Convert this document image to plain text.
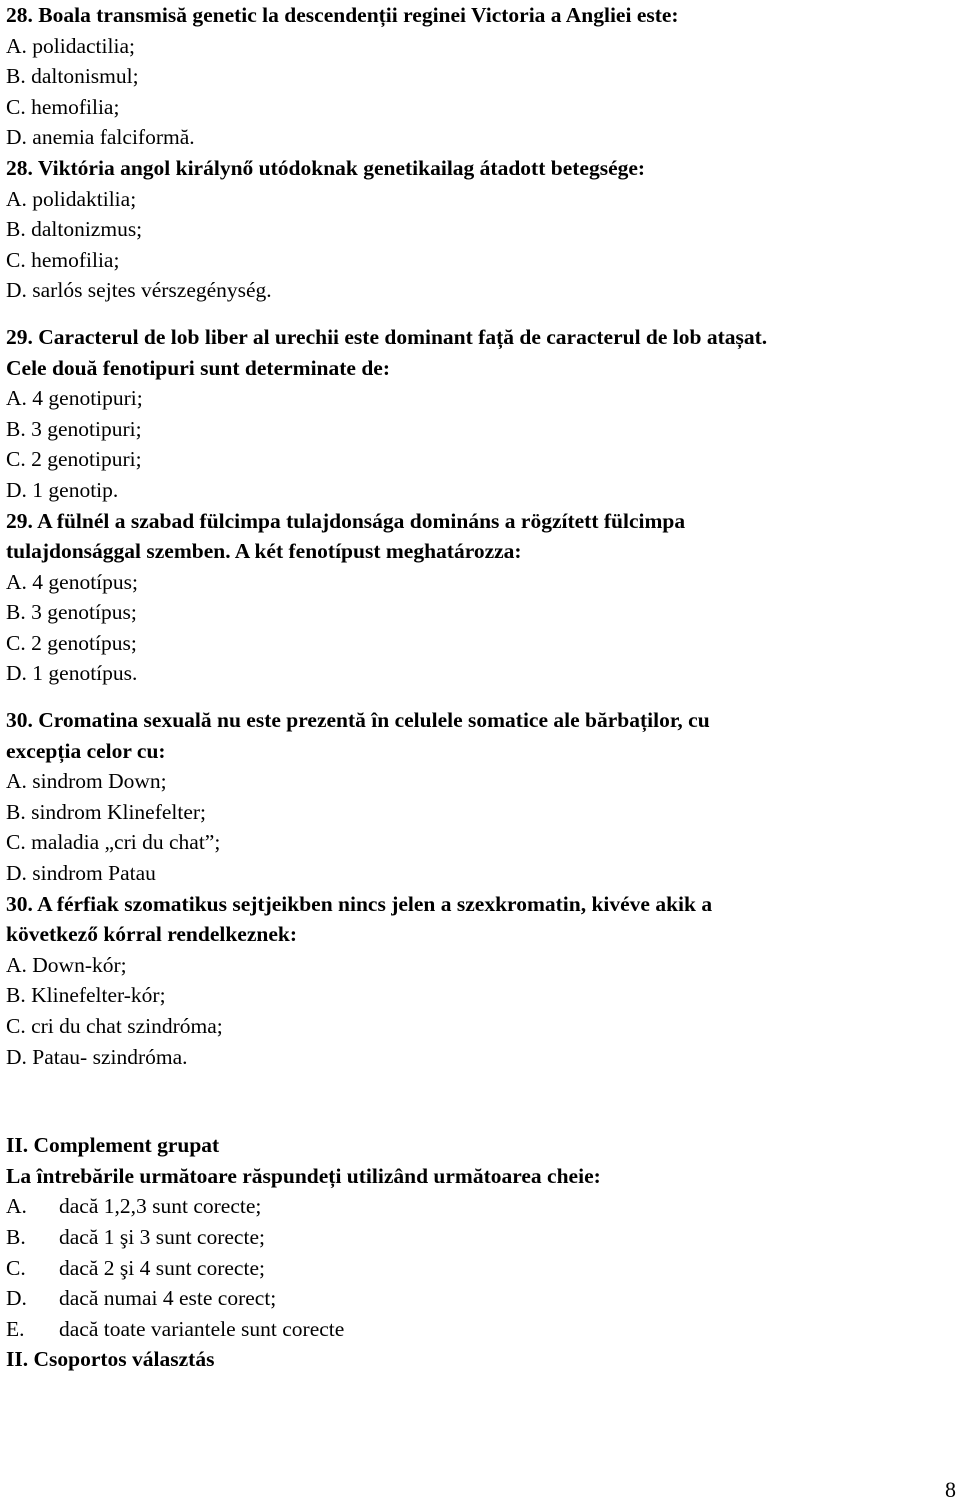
28. Boala transmisă genetic la descendenții reginei Victoria a Angliei este:

A. polidactilia;

B. daltonismul;

C. hemofilia;

D. anemia falciformă.

28. Viktória angol királynő utódoknak genetikailag átadott betegsége:

A. polidaktilia;

B. daltonizmus;

C. hemofilia;

D. sarlós sejtes vérszegénység.

29. Caracterul de lob liber al urechii este dominant față de caracterul de lob atașat.

Cele două fenotipuri sunt determinate de:

A. 4 genotipuri;

B. 3 genotipuri;

C. 2 genotipuri;

D. 1 genotip.

29. A fülnél a szabad fülcimpa tulajdonsága domináns a rögzített fülcimpa

tulajdonsággal szemben. A két fenotípust meghatározza:

A. 4 genotípus;

B. 3 genotípus;

C. 2 genotípus;

D. 1 genotípus.

30. Cromatina sexuală nu este prezentă în celulele somatice ale bărbaților, cu

excepția celor cu:

A. sindrom Down;

B. sindrom Klinefelter;

C. maladia „cri du chat”;

D. sindrom Patau

30. A férfiak szomatikus sejtjeikben nincs jelen a szexkromatin, kivéve akik a

következő kórral rendelkeznek:

A. Down-kór;

B. Klinefelter-kór;

C. cri du chat szindróma;

D. Patau- szindróma.

II. Complement grupat

La întrebările următoare răspundeți utilizând următoarea cheie:

A. dacă 1,2,3 sunt corecte;

B. dacă 1 şi 3 sunt corecte;

C. dacă 2 şi 4 sunt corecte;

D. dacă numai 4 este corect;

E. dacă toate variantele sunt corecte

II. Csoportos választás

8
